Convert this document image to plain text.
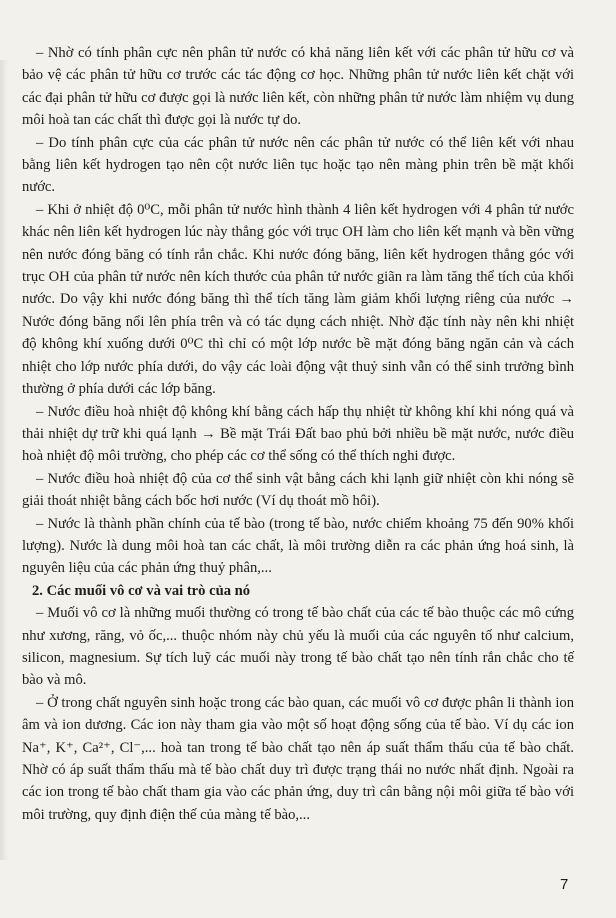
– Nhờ có tính phân cực nên phân tử nước có khả năng liên kết với các phân tử hữu cơ và bảo vệ các phân tử hữu cơ trước các tác động cơ học. Những phân tử nước liên kết chặt với các đại phân tử hữu cơ được gọi là nước liên kết, còn những phân tử nước làm nhiệm vụ dung môi hoà tan các chất thì được gọi là nước tự do.

– Do tính phân cực của các phân tử nước nên các phân tử nước có thể liên kết với nhau bằng liên kết hydrogen tạo nên cột nước liên tục hoặc tạo nên màng phin trên bề mặt khối nước.

– Khi ở nhiệt độ 0⁰C, mỗi phân tử nước hình thành 4 liên kết hydrogen với 4 phân tử nước khác nên liên kết hydrogen lúc này thẳng góc với trục OH làm cho liên kết mạnh và bền vững nên nước đóng băng có tính rắn chắc. Khi nước đóng băng, liên kết hydrogen thẳng góc với trục OH của phân tử nước nên kích thước của phân tử nước giãn ra làm tăng thể tích của khối nước. Do vậy khi nước đóng băng thì thể tích tăng làm giảm khối lượng riêng của nước → Nước đóng băng nổi lên phía trên và có tác dụng cách nhiệt. Nhờ đặc tính này nên khi nhiệt độ không khí xuống dưới 0⁰C thì chỉ có một lớp nước bề mặt đóng băng ngăn cản và cách nhiệt cho lớp nước phía dưới, do vậy các loài động vật thuỷ sinh vẫn có thể sinh trưởng bình thường ở phía dưới các lớp băng.

– Nước điều hoà nhiệt độ không khí bằng cách hấp thụ nhiệt từ không khí khi nóng quá và thải nhiệt dự trữ khi quá lạnh → Bề mặt Trái Đất bao phủ bởi nhiều bề mặt nước, nước điều hoà nhiệt độ môi trường, cho phép các cơ thể sống có thể thích nghi được.

– Nước điều hoà nhiệt độ của cơ thể sinh vật bằng cách khi lạnh giữ nhiệt còn khi nóng sẽ giải thoát nhiệt bằng cách bốc hơi nước (Ví dụ thoát mồ hôi).

– Nước là thành phần chính của tế bào (trong tế bào, nước chiếm khoảng 75 đến 90% khối lượng). Nước là dung môi hoà tan các chất, là môi trường diễn ra các phản ứng hoá sinh, là nguyên liệu của các phản ứng thuỷ phân,...

2. Các muối vô cơ và vai trò của nó

– Muối vô cơ là những muối thường có trong tế bào chất của các tế bào thuộc các mô cứng như xương, răng, vỏ ốc,... thuộc nhóm này chủ yếu là muối của các nguyên tố như calcium, silicon, magnesium. Sự tích luỹ các muối này trong tế bào chất tạo nên tính rắn chắc cho tế bào và mô.

– Ở trong chất nguyên sinh hoặc trong các bào quan, các muối vô cơ được phân li thành ion âm và ion dương. Các ion này tham gia vào một số hoạt động sống của tế bào. Ví dụ các ion Na⁺, K⁺, Ca²⁺, Cl⁻,... hoà tan trong tế bào chất tạo nên áp suất thẩm thấu của tế bào chất. Nhờ có áp suất thẩm thấu mà tế bào chất duy trì được trạng thái no nước nhất định. Ngoài ra các ion trong tế bào chất tham gia vào các phản ứng, duy trì cân bằng nội môi giữa tế bào với môi trường, quy định điện thế của màng tế bào,...

7
